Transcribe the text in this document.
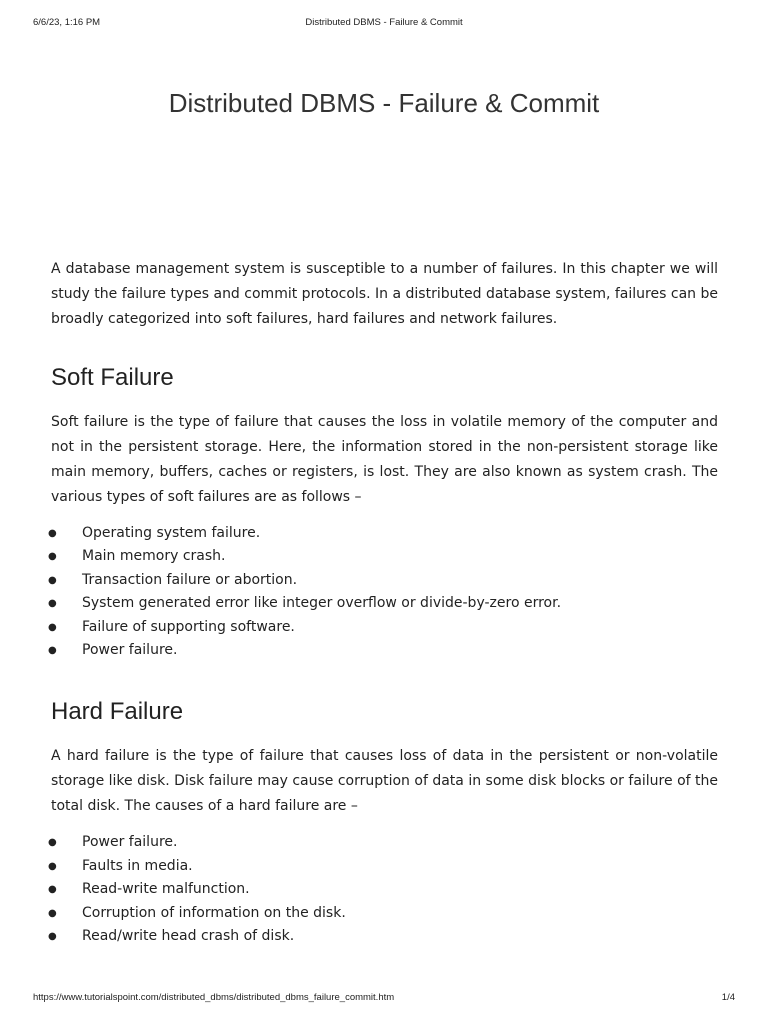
6/6/23, 1:16 PM	Distributed DBMS - Failure & Commit
Distributed DBMS - Failure & Commit

A database management system is susceptible to a number of failures. In this chapter we will study the failure types and commit protocols. In a distributed database system, failures can be broadly categorized into soft failures, hard failures and network failures.

Soft Failure

Soft failure is the type of failure that causes the loss in volatile memory of the computer and not in the persistent storage. Here, the information stored in the non-persistent storage like main memory, buffers, caches or registers, is lost. They are also known as system crash. The various types of soft failures are as follows –

● Operating system failure.
● Main memory crash.
● Transaction failure or abortion.
● System generated error like integer overflow or divide-by-zero error.
● Failure of supporting software.
● Power failure.
Hard Failure

A hard failure is the type of failure that causes loss of data in the persistent or non-volatile storage like disk. Disk failure may cause corruption of data in some disk blocks or failure of the total disk. The causes of a hard failure are –

● Power failure.
● Faults in media.
● Read-write malfunction.
● Corruption of information on the disk.
● Read/write head crash of disk.
https://www.tutorialspoint.com/distributed_dbms/distributed_dbms_failure_commit.htm	1/4
